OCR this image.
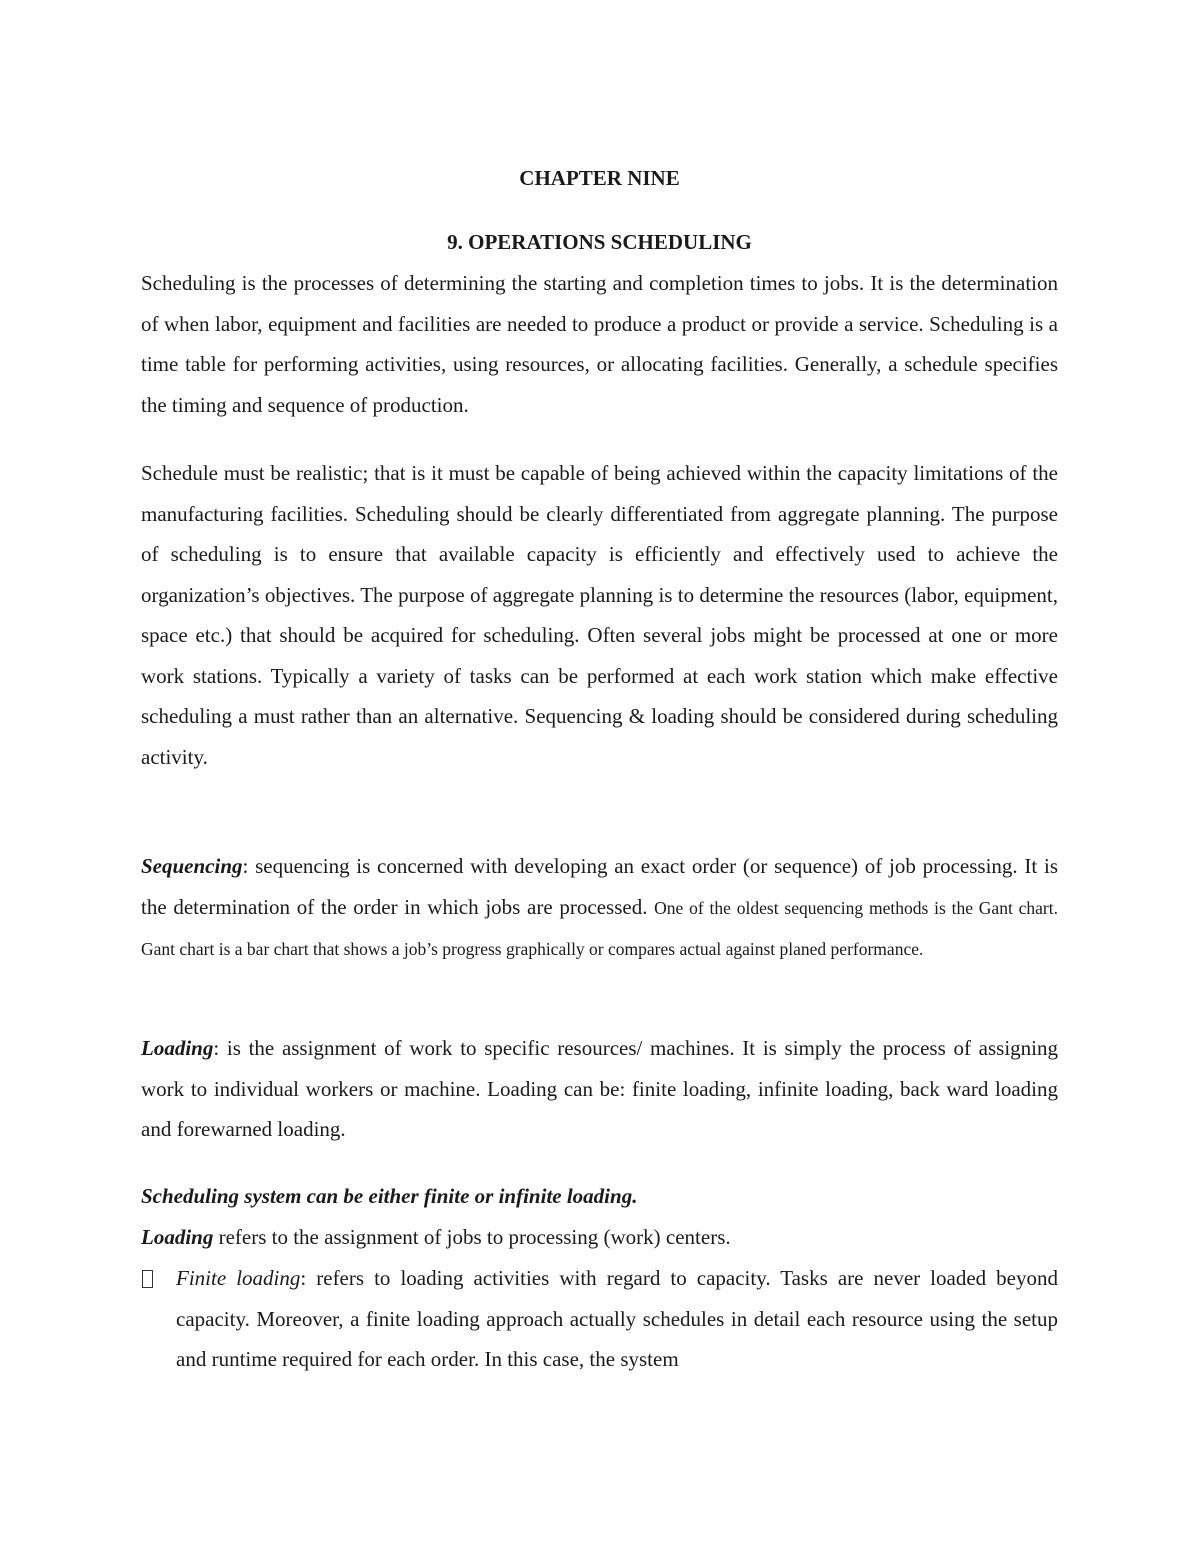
CHAPTER NINE

9. OPERATIONS SCHEDULING

Scheduling is the processes of determining the starting and completion times to jobs. It is the determination of when labor, equipment and facilities are needed to produce a product or provide a service. Scheduling is a time table for performing activities, using resources, or allocating facilities. Generally, a schedule specifies the timing and sequence of production.

Schedule must be realistic; that is it must be capable of being achieved within the capacity limitations of the manufacturing facilities. Scheduling should be clearly differentiated from aggregate planning. The purpose of scheduling is to ensure that available capacity is efficiently and effectively used to achieve the organization’s objectives. The purpose of aggregate planning is to determine the resources (labor, equipment, space etc.) that should be acquired for scheduling. Often several jobs might be processed at one or more work stations. Typically a variety of tasks can be performed at each work station which make effective scheduling a must rather than an alternative. Sequencing & loading should be considered during scheduling activity.

Sequencing: sequencing is concerned with developing an exact order (or sequence) of job processing. It is the determination of the order in which jobs are processed. One of the oldest sequencing methods is the Gant chart. Gant chart is a bar chart that shows a job’s progress graphically or compares actual against planed performance.

Loading: is the assignment of work to specific resources/ machines. It is simply the process of assigning work to individual workers or machine. Loading can be: finite loading, infinite loading, back ward loading and forewarned loading.

Scheduling system can be either finite or infinite loading.

Loading refers to the assignment of jobs to processing (work) centers.

Finite loading: refers to loading activities with regard to capacity. Tasks are never loaded beyond capacity. Moreover, a finite loading approach actually schedules in detail each resource using the setup and runtime required for each order. In this case, the system
